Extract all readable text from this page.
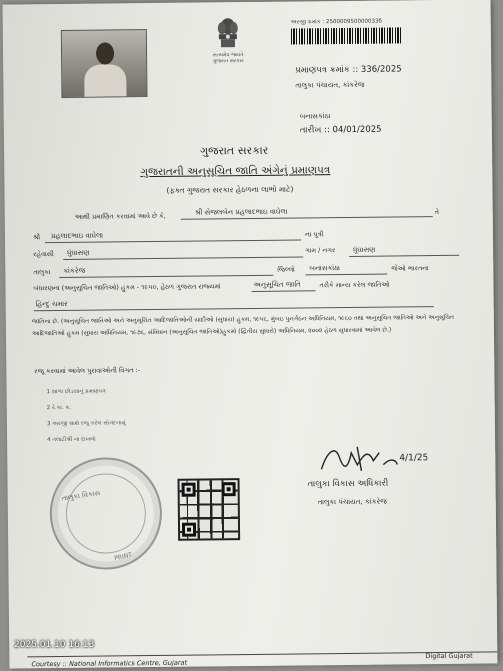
સત્યમેવ જયતે
ગુજરાત સરકાર
અરજી ક્રમાંક : 250000950000033б
પ્રમાણપત્ર ક્રમાંક :: 336/2025
તાલુકા પંચાયત, કાંકરેજ
બનાસકાંઠા
તારીખ :: 04/01/2025
ગુજરાત સરકાર
ગુજરાતની અનુસૂચિત જાતિ અંગેનું પ્રમાણપત્ર
(ફક્ત ગુજરાત સરકાર હેઠળના લાભો માટે)
આથી પ્રમાણિત કરવામાં આવે છે કે,	શ્રી સેજલબેન પ્રહલાદભાઇ વાઘેલા	તે
શ્રી પ્રહલાદભાઇ વાઘેલા	ના પુત્રી
રહેવાસી ધુંઘાસણ	ગામ / નગર	ધુંઘાસણ
તાલુકા કાંકરેજ	જિલ્લો બનાસકાંઠા	જેઓ ભારતના
બંધારણના (અનુસૂચિત જાતિઓ) હુકમ - ૧૯૫૦, હેઠળ ગુજરાત રાજ્યમાં	અનુસૂચિત જાતિ	તરીકે માન્ય કરેલ જાતિઓ
હિન્દુ ચમાર
જાતિના છે. (અનુસૂચિત જાતિઓ અને અનુસૂચિત આદિજાતિઓની યાદીઓ (સુધારા) હુકમ, ૧૯૫૬, મુંબઇ પુનર્ગઠન અધિનિયમ, ૧૯૬૦ તથા અનુસૂચિત જાતિઓ અને અનુસૂચિત આદિજાતિઓ હુકમ (સુધારા અધિનિયમ, ૧૯૭૬, સંવિધાન (અનુસૂચિત જાતિઓ)હુકમો (દ્વિતીય સુધારો) અધિનિયમ, ૨૦૦૨ હેઠળ સુધારવામાં આવેલ છે.)
રજૂ કરવામાં આવેલ પુરાવાઓની વિગત :-
1 શાળા છોડયાનું પ્રમાણપત્ર
2 રે.કા. ક્ર.
3 અરજી સાથે રજૂ કરેલ સોગંદનામું
4 તલાટીશ્રી ના દાખલો
4/1/25
તાલુકા વિકાસ અધિકારી
તાલુકા પંચાયત, કાંકરેજ
તાલુકા વિકાસ
PRINT
Courtesy :: National Informatics Centre, Gujarat
Digital Gujarat
2025.01.10 16:13
